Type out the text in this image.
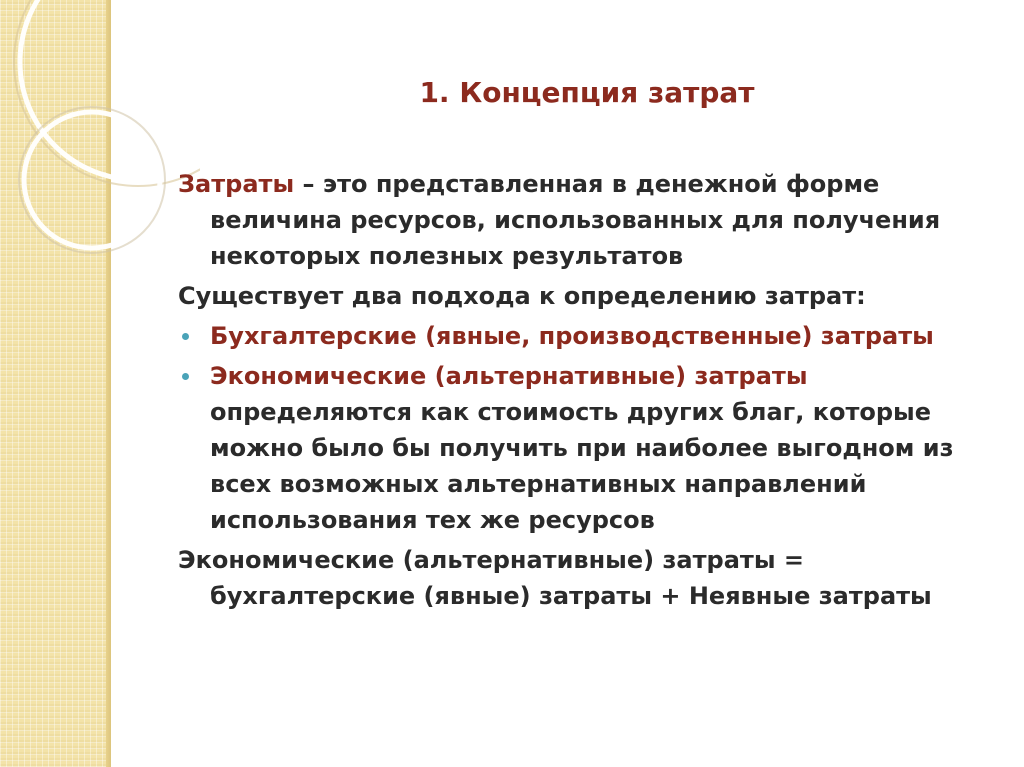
1. Концепция затрат

Затраты – это представленная в денежной форме величина ресурсов, использованных для получения некоторых полезных результатов

Существует два подхода к определению затрат:

Бухгалтерские (явные, производственные) затраты
Экономические (альтернативные) затраты определяются как стоимость других благ, которые можно было бы получить при наиболее выгодном из всех возможных альтернативных направлений использования тех же ресурсов

Экономические (альтернативные) затраты = бухгалтерские (явные) затраты + Неявные затраты
